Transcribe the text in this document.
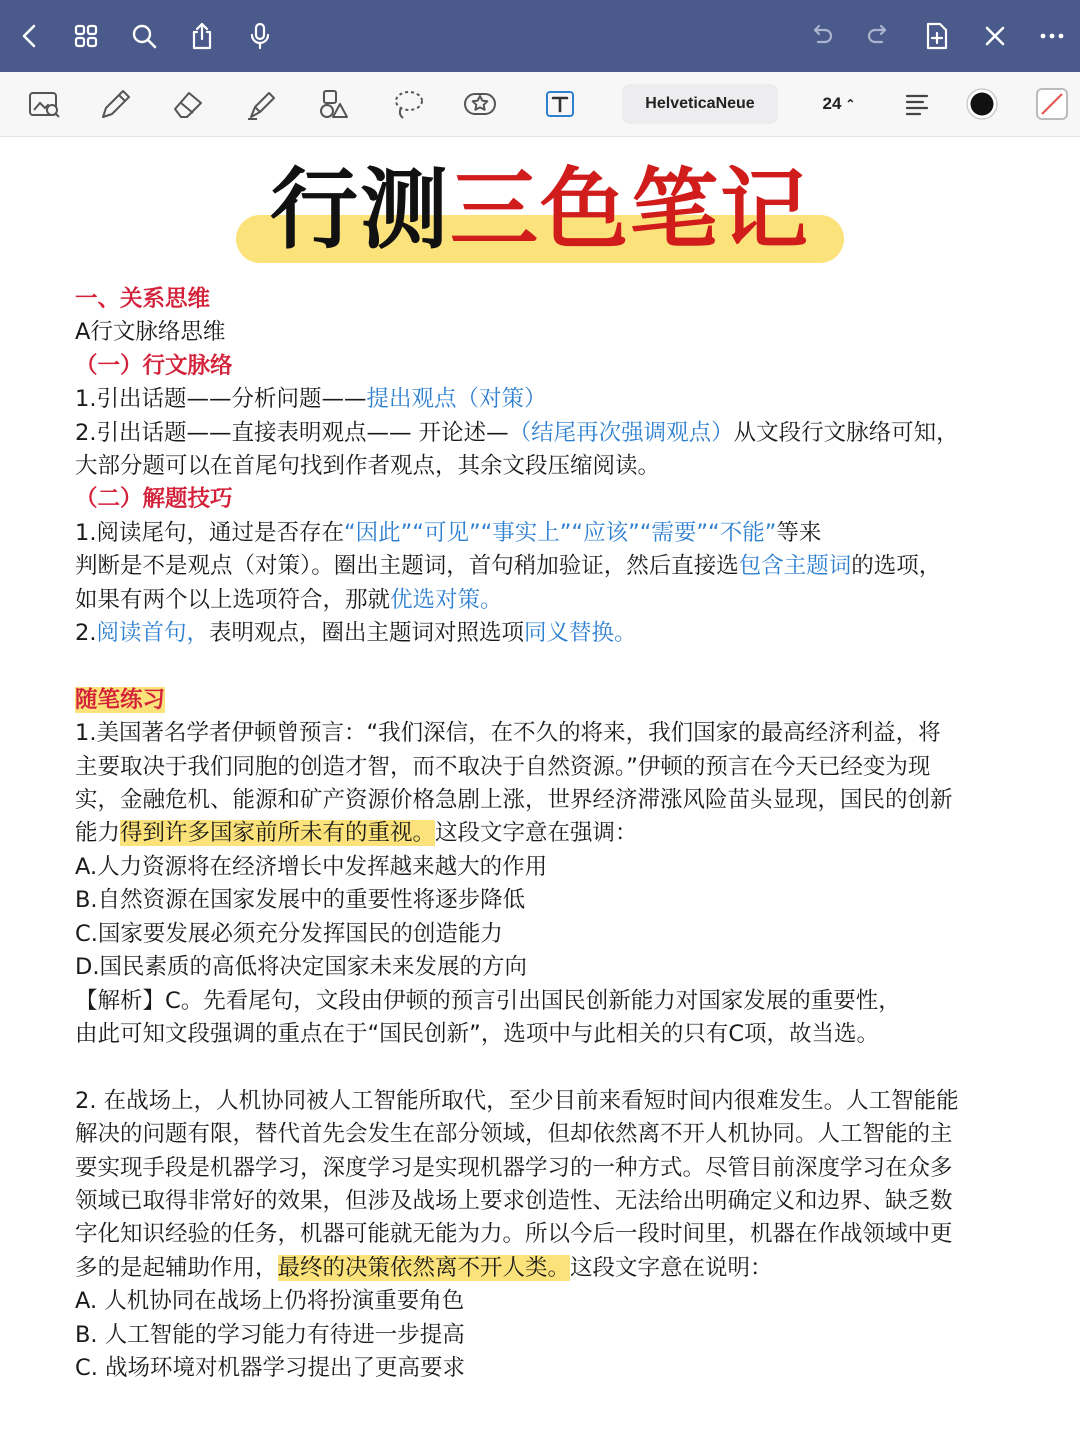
HelveticaNeue	24 ⌃
行测三色笔记
一、关系思维
A行文脉络思维
（一）行文脉络
1.引出话题——分析问题——提出观点（对策）
2.引出话题——直接表明观点—— 开论述—（结尾再次强调观点）从文段行文脉络可知，
大部分题可以在首尾句找到作者观点，其余文段压缩阅读。
（二）解题技巧
1.阅读尾句，通过是否存在“因此”“可见”“事实上”“应该”“需要”“不能”等来
判断是不是观点（对策）。圈出主题词，首句稍加验证，然后直接选包含主题词的选项，
如果有两个以上选项符合，那就优选对策。
2.阅读首句，表明观点，圈出主题词对照选项同义替换。
随笔练习
1.美国著名学者伊顿曾预言：“我们深信，在不久的将来，我们国家的最高经济利益，将
主要取决于我们同胞的创造才智，而不取决于自然资源。”伊顿的预言在今天已经变为现
实，金融危机、能源和矿产资源价格急剧上涨，世界经济滞涨风险苗头显现，国民的创新
能力得到许多国家前所未有的重视。这段文字意在强调：
A.人力资源将在经济增长中发挥越来越大的作用
B.自然资源在国家发展中的重要性将逐步降低
C.国家要发展必须充分发挥国民的创造能力
D.国民素质的高低将决定国家未来发展的方向
【解析】C。先看尾句，文段由伊顿的预言引出国民创新能力对国家发展的重要性，
由此可知文段强调的重点在于“国民创新”，选项中与此相关的只有C项，故当选。
2. 在战场上，人机协同被人工智能所取代，至少目前来看短时间内很难发生。人工智能能
解决的问题有限，替代首先会发生在部分领域，但却依然离不开人机协同。人工智能的主
要实现手段是机器学习，深度学习是实现机器学习的一种方式。尽管目前深度学习在众多
领域已取得非常好的效果，但涉及战场上要求创造性、无法给出明确定义和边界、缺乏数
字化知识经验的任务，机器可能就无能为力。所以今后一段时间里，机器在作战领域中更
多的是起辅助作用，最终的决策依然离不开人类。这段文字意在说明：
A. 人机协同在战场上仍将扮演重要角色
B. 人工智能的学习能力有待进一步提高
C. 战场环境对机器学习提出了更高要求
